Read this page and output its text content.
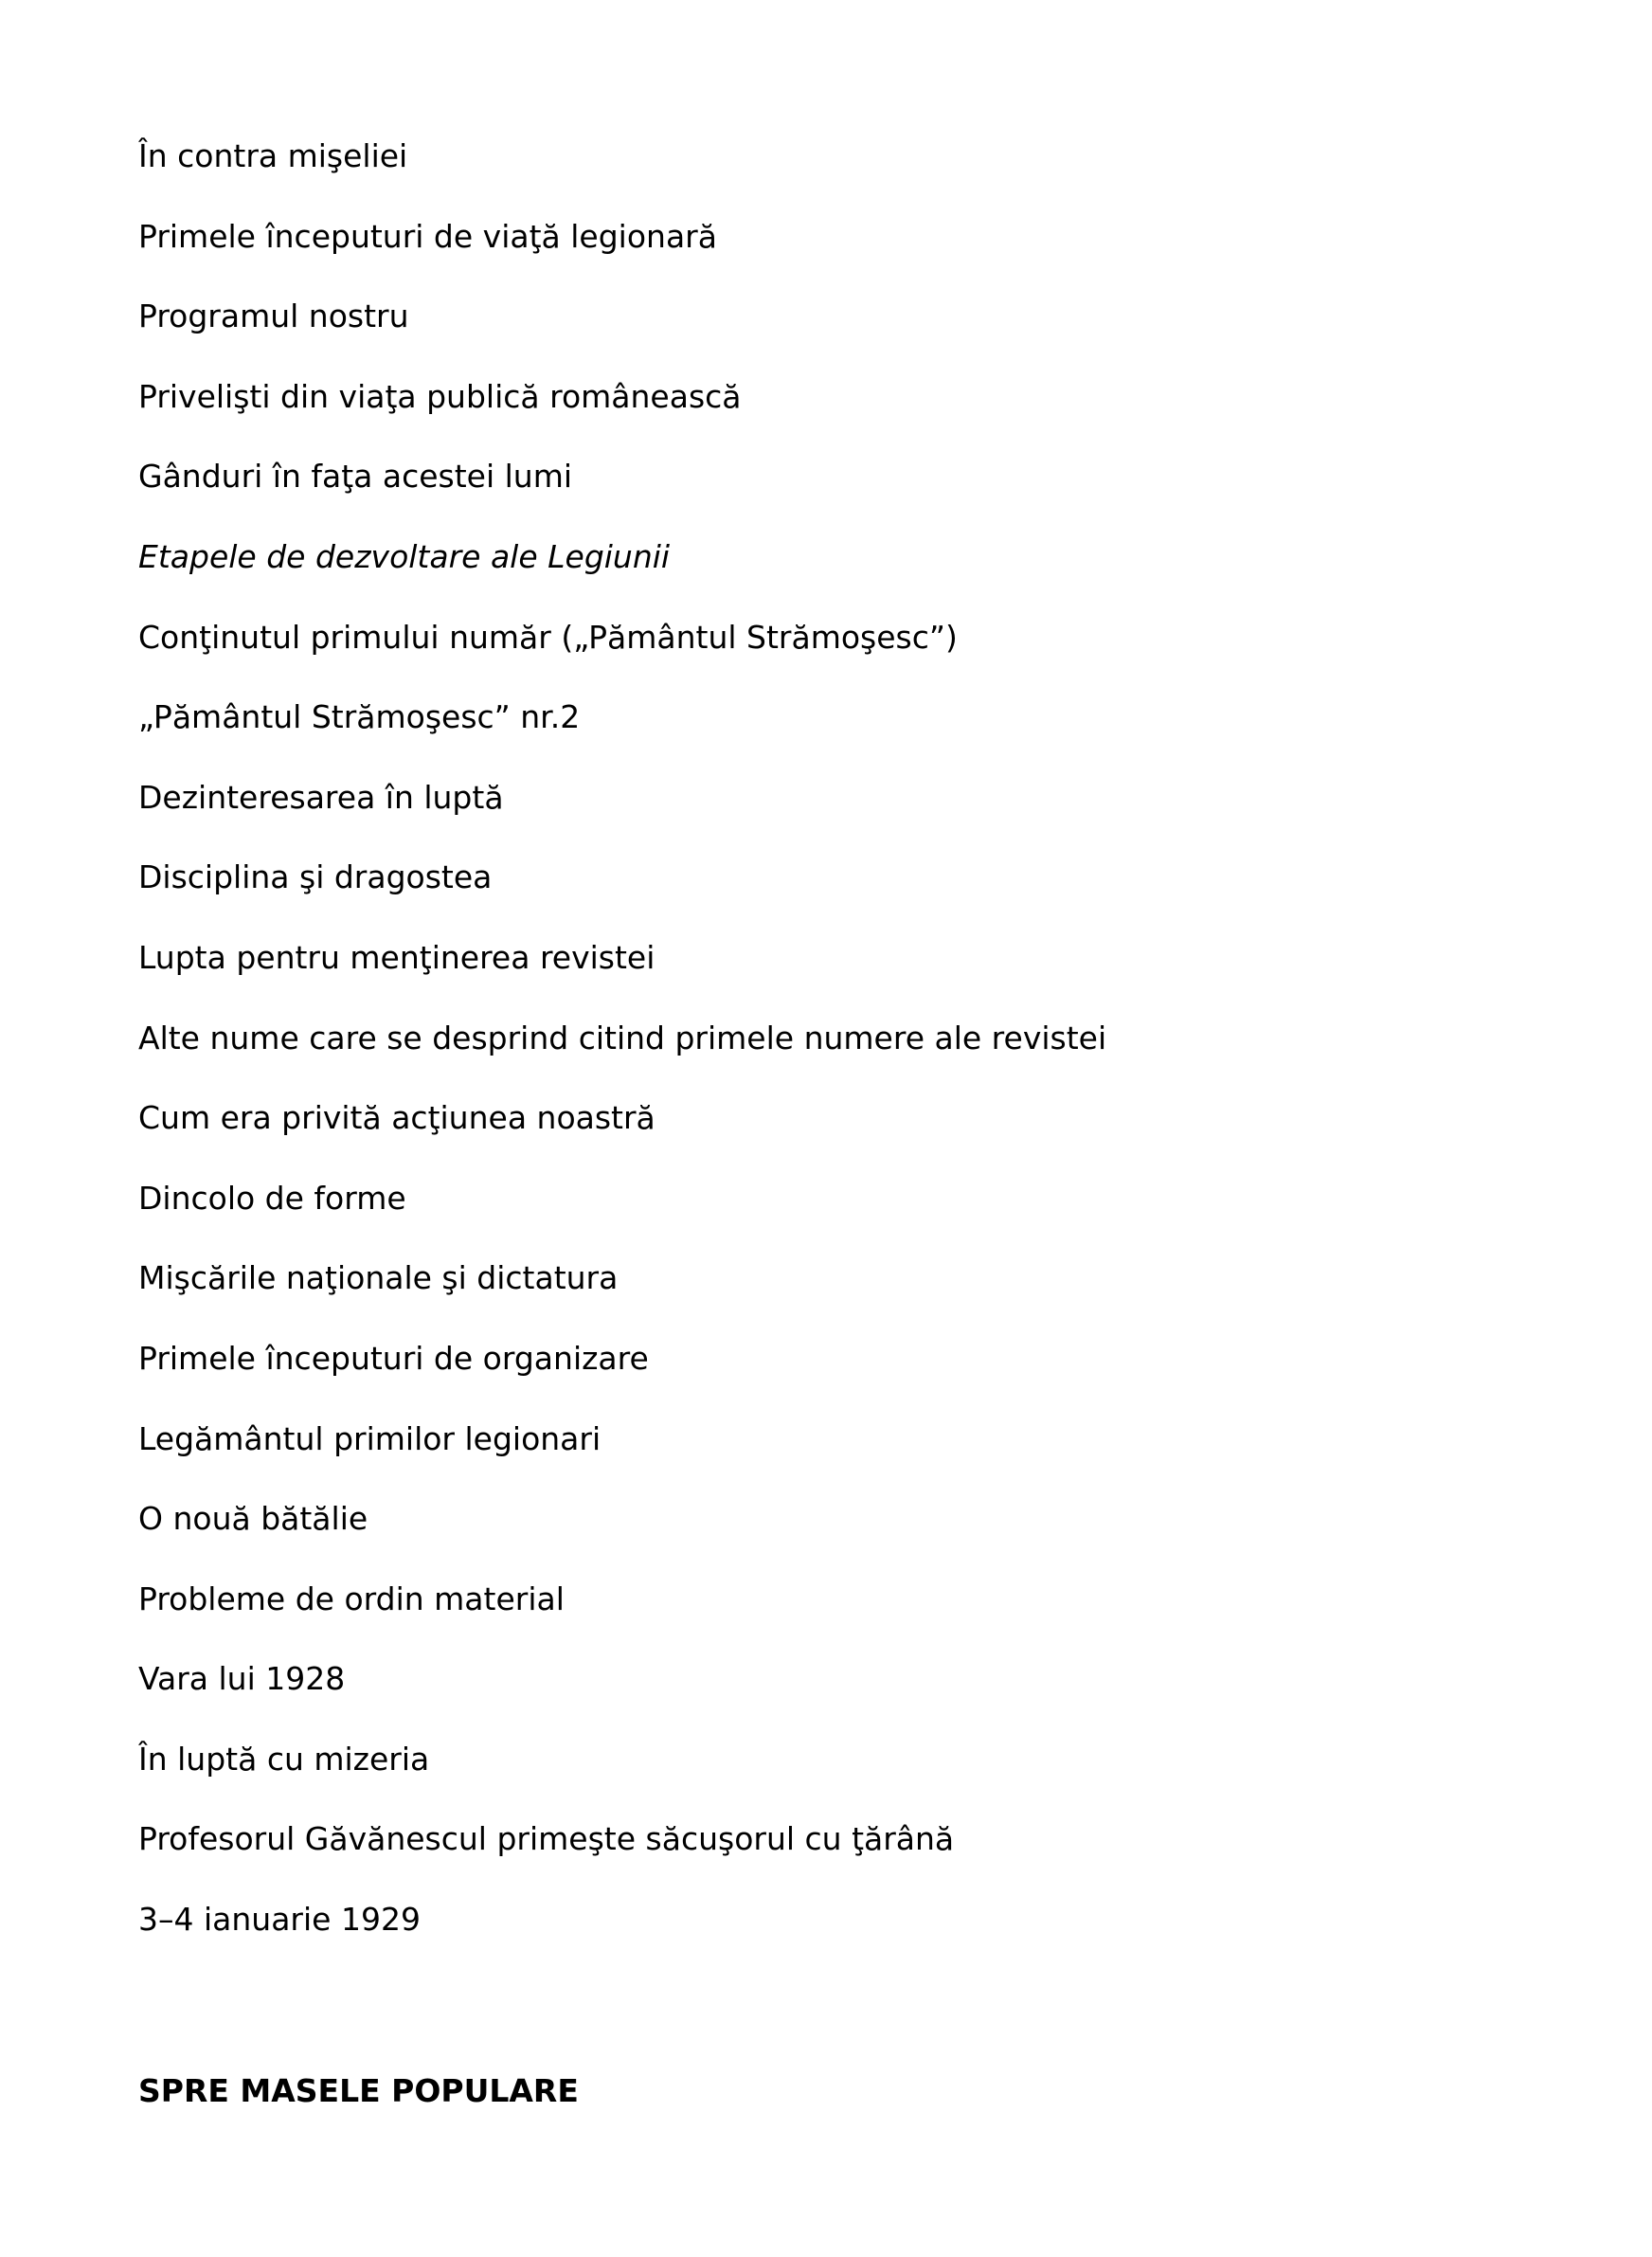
În contra mişeliei
Primele începuturi de viaţă legionară
Programul nostru
Privelişti din viaţa publică românească
Gânduri în faţa acestei lumi
Etapele de dezvoltare ale Legiunii
Conţinutul primului număr („Pământul Strămoşesc”)
„Pământul Strămoşesc” nr.2
Dezinteresarea în luptă
Disciplina şi dragostea
Lupta pentru menţinerea revistei
Alte nume care se desprind citind primele numere ale revistei
Cum era privită acţiunea noastră
Dincolo de forme
Mişcările naţionale şi dictatura
Primele începuturi de organizare
Legământul primilor legionari
O nouă bătălie
Probleme de ordin material
Vara lui 1928
În luptă cu mizeria
Profesorul Găvănescul primeşte săcuşorul cu ţărână
3–4 ianuarie 1929
SPRE MASELE POPULARE
